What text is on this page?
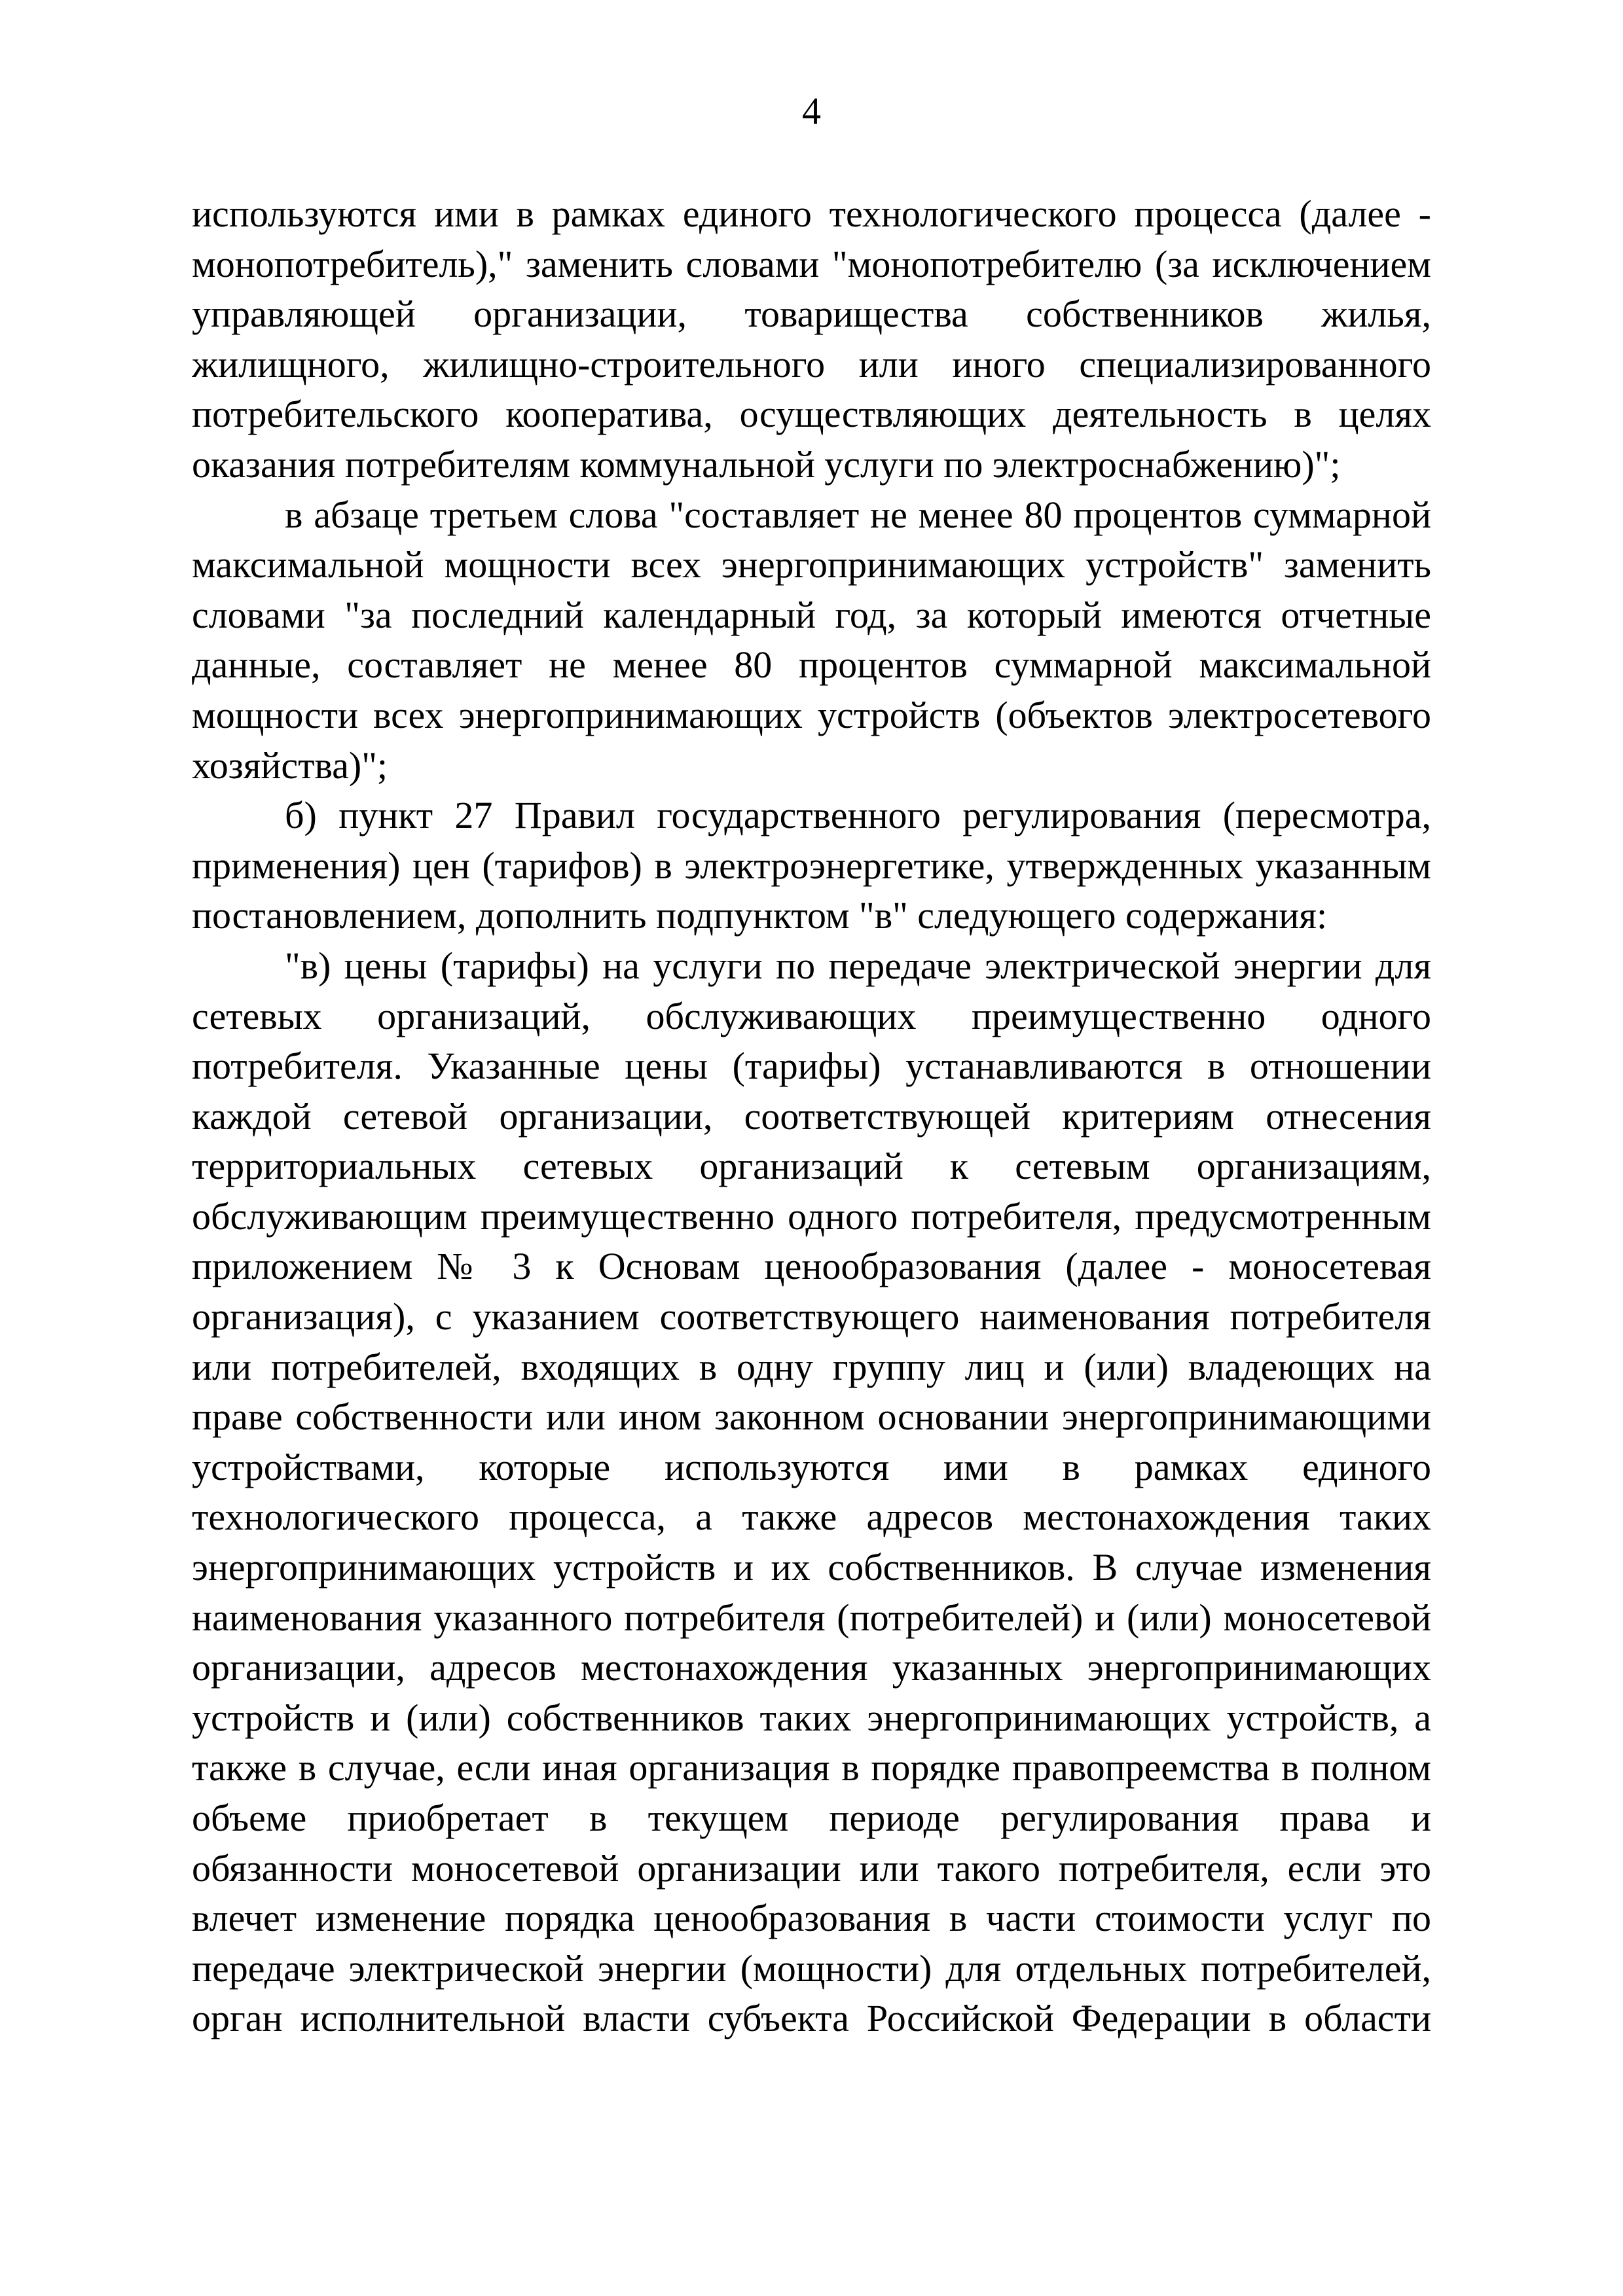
4
используются ими в рамках единого технологического процесса (далее -
монопотребитель)," заменить словами "монопотребителю (за исключением
управляющей организации, товарищества собственников жилья,
жилищного, жилищно-строительного или иного специализированного
потребительского кооператива, осуществляющих деятельность в целях
оказания потребителям коммунальной услуги по электроснабжению)";
в абзаце третьем слова "составляет не менее 80 процентов суммарной
максимальной мощности всех энергопринимающих устройств" заменить
словами "за последний календарный год, за который имеются отчетные
данные, составляет не менее 80 процентов суммарной максимальной
мощности всех энергопринимающих устройств (объектов электросетевого
хозяйства)";
б) пункт 27 Правил государственного регулирования (пересмотра,
применения) цен (тарифов) в электроэнергетике, утвержденных указанным
постановлением, дополнить подпунктом "в" следующего содержания:
"в) цены (тарифы) на услуги по передаче электрической энергии для
сетевых организаций, обслуживающих преимущественно одного
потребителя. Указанные цены (тарифы) устанавливаются в отношении
каждой сетевой организации, соответствующей критериям отнесения
территориальных сетевых организаций к сетевым организациям,
обслуживающим преимущественно одного потребителя, предусмотренным
приложением № 3 к Основам ценообразования (далее - моносетевая
организация), с указанием соответствующего наименования потребителя
или потребителей, входящих в одну группу лиц и (или) владеющих на
праве собственности или ином законном основании энергопринимающими
устройствами, которые используются ими в рамках единого
технологического процесса, а также адресов местонахождения таких
энергопринимающих устройств и их собственников. В случае изменения
наименования указанного потребителя (потребителей) и (или) моносетевой
организации, адресов местонахождения указанных энергопринимающих
устройств и (или) собственников таких энергопринимающих устройств, а
также в случае, если иная организация в порядке правопреемства в полном
объеме приобретает в текущем периоде регулирования права и
обязанности моносетевой организации или такого потребителя, если это
влечет изменение порядка ценообразования в части стоимости услуг по
передаче электрической энергии (мощности) для отдельных потребителей,
орган исполнительной власти субъекта Российской Федерации в области
